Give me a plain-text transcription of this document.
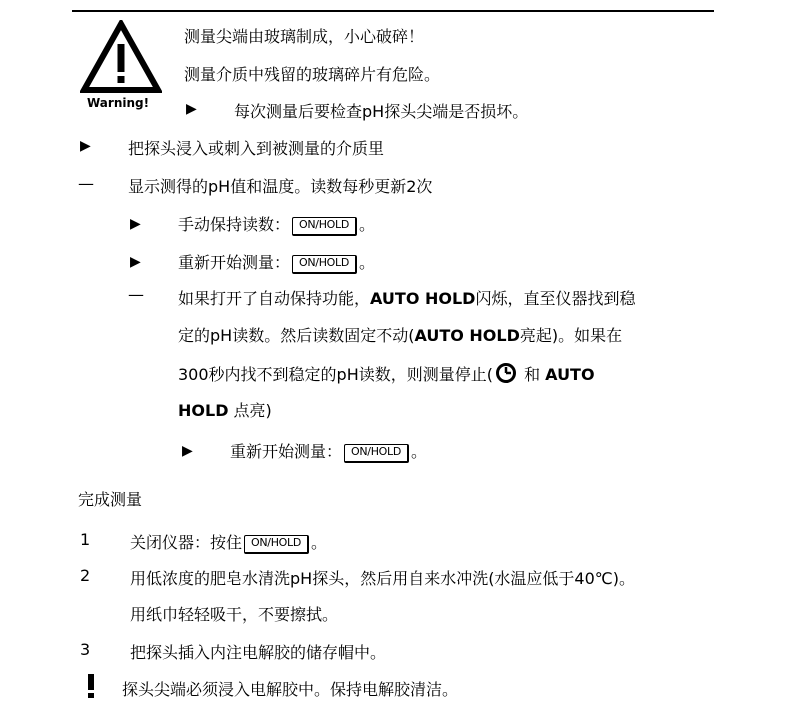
Warning!
测量尖端由玻璃制成，小心破碎！
测量介质中残留的玻璃碎片有危险。
▶ 每次测量后要检查pH探头尖端是否损坏。
▶ 把探头浸入或刺入到被测量的介质里
— 显示测得的pH值和温度。读数每秒更新2次
▶ 手动保持读数： ON/HOLD 。
▶ 重新开始测量： ON/HOLD 。
— 如果打开了自动保持功能，AUTO HOLD闪烁，直至仪器找到稳
定的pH读数。然后读数固定不动(AUTO HOLD亮起)。如果在
300秒内找不到稳定的pH读数，则测量停止( 和 AUTO
HOLD 点亮)
▶ 重新开始测量： ON/HOLD 。
完成测量
1 关闭仪器：按住 ON/HOLD 。
2 用低浓度的肥皂水清洗pH探头，然后用自来水冲洗(水温应低于40℃)。
用纸巾轻轻吸干，不要擦拭。
3 把探头插入内注电解胶的储存帽中。
探头尖端必须浸入电解胶中。保持电解胶清洁。
